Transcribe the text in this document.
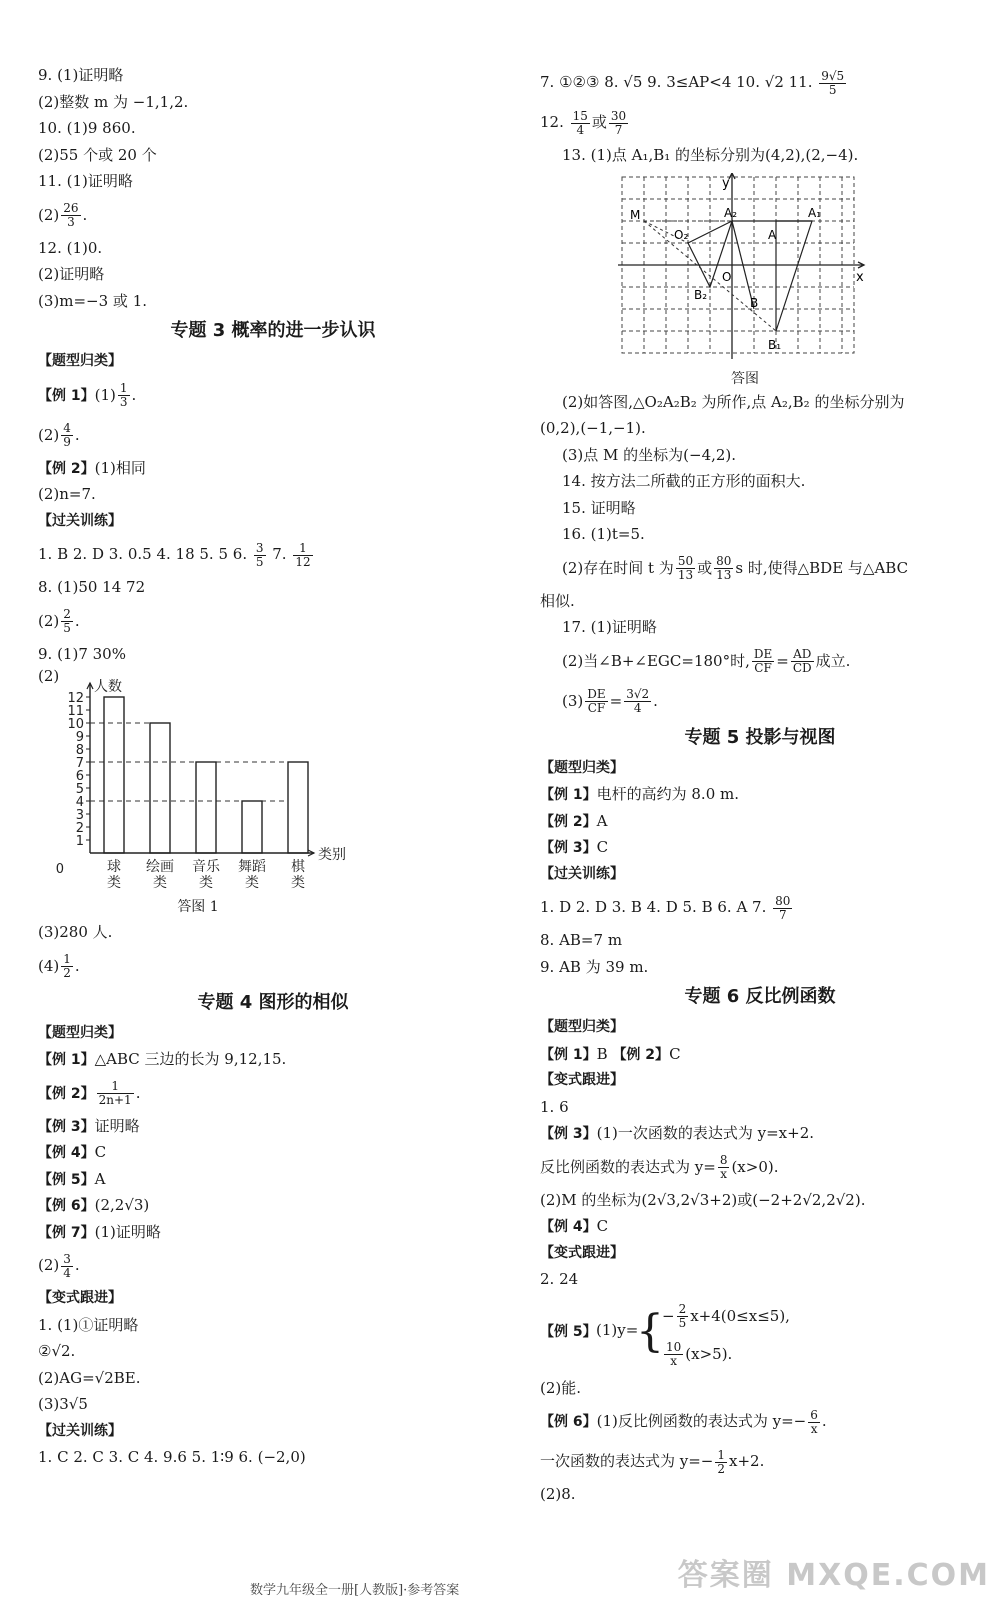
9. (1)证明略
(2)整数 m 为 −1,1,2.
10. (1)9 860.
(2)55 个或 20 个
11. (1)证明略
$(2) \frac{26}{3}$ .
12. (1)0.
(2)证明略
(3)m=−3 或 1.
专题 3 概率的进一步认识
【题型归类】
【例 1】$(1) \frac{1}{3}$ .
$(2) \frac{4}{9}$ .
【例 2】(1)相同
(2)n=7.
【过关训练】
1. B 2. D 3. 0.5 4. 18 5. 5 6. $\frac{3}{5} 7$. $\frac{1}{12}$
8. (1)50 14 72
$(2) \frac{2}{5}$ .
9. (1)7 30%
(2)
0
1
2
3
4
5
6
7
8
9
10
11
12
人数
类别
球
类
绘画
类
音乐
类
舞蹈
类
棋
类
答图 1
(3)280 人.
$(4) \frac{1}{2}$ .
专题 4 图形的相似
【题型归类】
【例 1】△ABC 三边的长为 9,12,15.
【例 2】 $\frac{1}{2n+1}$ .
【例 3】证明略
【例 4】C
【例 5】A
【例 6】(2,2√3)
【例 7】(1)证明略
$(2) \frac{3}{4}$ .
【变式跟进】
1. (1)①证明略
②√2.
(2)AG=√2BE.
(3)3√5
【过关训练】
1. C 2. C 3. C 4. 9.6 5. 1∶9 6. (−2,0)
7. ①②③ 8. √5 9. 3≤AP<4 10. √2 11. $\frac{9√5}{5}$
12. $\frac{15}{4}$ 或 $\frac{30}{7}$
13. (1)点 A₁,B₁ 的坐标分别为(4,2),(2,−4).
y
x
M
O
O₂	A
A₁
A₂
B
B₁
B₂
答图
(2)如答图,△O₂A₂B₂ 为所作,点 A₂,B₂ 的坐标分别为
(0,2),(−1,−1).
(3)点 M 的坐标为(−4,2).
14. 按方法二所截的正方形的面积大.
15. 证明略
16. (1)t=5.
(2)存在时间 t 为 $\frac{50}{13}$ 或 $\frac{80}{13}$ s 时,使得△BDE 与△ABC
相似.
17. (1)证明略
(2)当∠B+∠EGC=180°时, $\frac{DE}{CF} = \frac{AD}{CD}$ 成立.
$(3) \frac{DE}{CF} = \frac{3√2}{4}$ .
专题 5 投影与视图
【题型归类】
【例 1】电杆的高约为 8.0 m.
【例 2】A
【例 3】C
【过关训练】
1. D 2. D 3. B 4. D 5. B 6. A 7. $\frac{80}{7}$
8. AB=7 m
9. AB 为 39 m.
专题 6 反比例函数
【题型归类】
【例 1】B 【例 2】C
【变式跟进】
1. 6
【例 3】(1)一次函数的表达式为 y=x+2.
反比例函数的表达式为 $y= \frac{8}{x} (x>0)$.
(2)M 的坐标为(2√3,2√3+2)或(−2+2√2,2√2).
【例 4】C
【变式跟进】
2. 24
【例 5】 (1)y=
{
− $\frac{2}{5} x+4(0\le x\le 5)$,
$\frac{10}{x} (x>5)$.
(2)能.
【例 6】(1)反比例函数的表达式为 $y=- \frac{6}{x}$ .
一次函数的表达式为 $y=- \frac{1}{2} x+2$.
(2)8.
数学九年级全一册[人教版]·参考答案	答案圈 MXQE.COM
